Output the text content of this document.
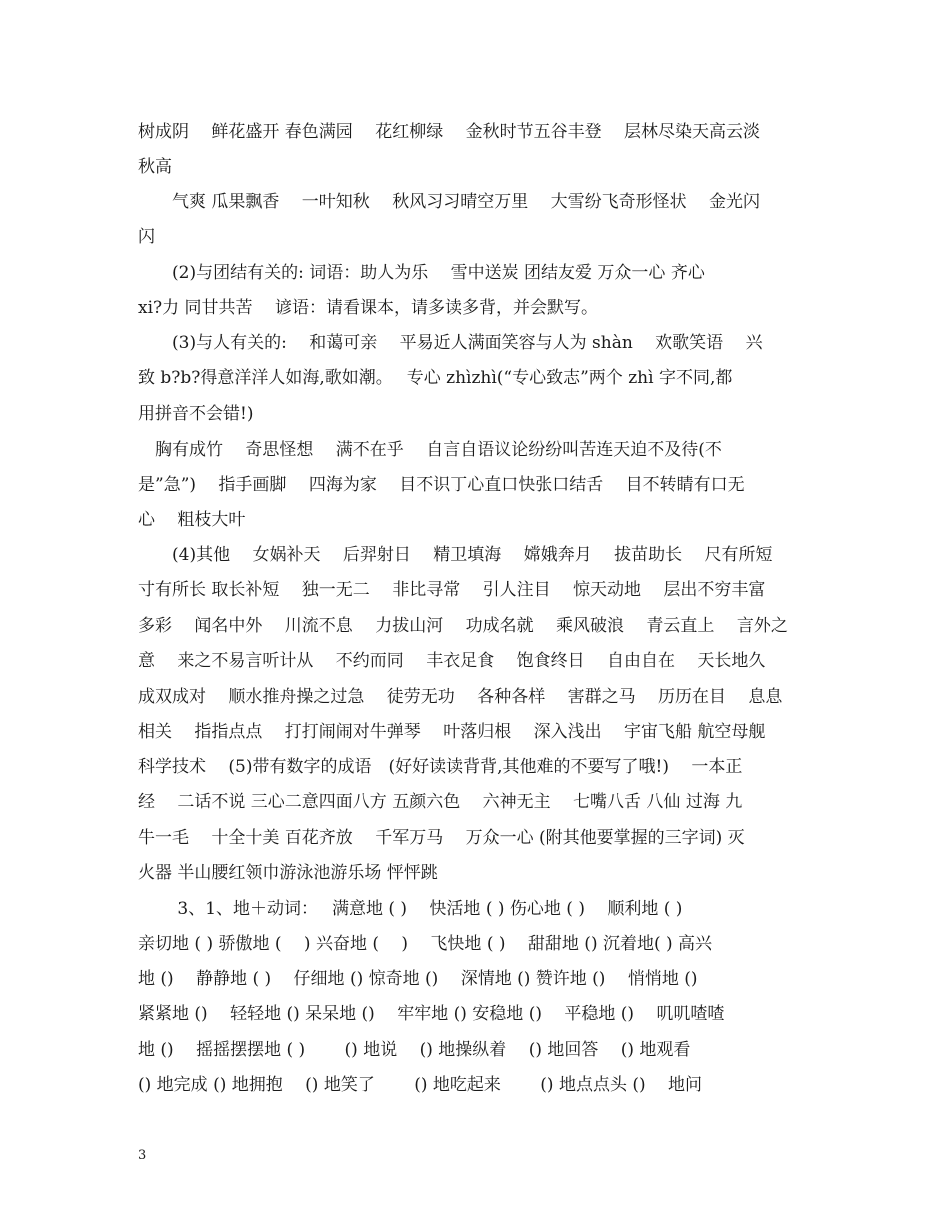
树成阴　 鲜花盛开 春色满园　 花红柳绿　 金秋时节五谷丰登　 层林尽染天高云淡
秋高
　　气爽 瓜果飘香　 一叶知秋　 秋风习习晴空万里　 大雪纷飞奇形怪状　 金光闪
闪
　　(2)与团结有关的: 词语：助人为乐　 雪中送炭 团结友爱 万众一心 齐心
xi?力 同甘共苦　 谚语：请看课本，请多读多背，并会默写。
　　(3)与人有关的:　 和蔼可亲　 平易近人满面笑容与人为 shàn　 欢歌笑语　 兴
致 b?b?得意洋洋人如海,歌如潮。　 专心 zhìzhì(“专心致志”两个 zhì 字不同,都
用拼音不会错!)
　胸有成竹　 奇思怪想　 满不在乎　 自言自语议论纷纷叫苦连天迫不及待(不
是”急”)　 指手画脚　 四海为家　 目不识丁心直口快张口结舌　 目不转睛有口无
心　 粗枝大叶
　　(4)其他　 女娲补天　 后羿射日　 精卫填海　 嫦娥奔月　 拔苗助长　 尺有所短
寸有所长 取长补短　 独一无二　 非比寻常　 引人注目　 惊天动地　 层出不穷丰富
多彩　 闻名中外　 川流不息　 力拔山河　 功成名就　 乘风破浪　 青云直上　 言外之
意　 来之不易言听计从　 不约而同　 丰衣足食　 饱食终日　 自由自在　 天长地久
成双成对　 顺水推舟操之过急　 徒劳无功　 各种各样　 害群之马　 历历在目　 息息
相关　 指指点点　 打打闹闹对牛弹琴　 叶落归根　 深入浅出　 宇宙飞船 航空母舰
科学技术　 (5)带有数字的成语　(好好读读背背,其他难的不要写了哦!)　 一本正
经　 二话不说 三心二意四面八方 五颜六色　 六神无主　 七嘴八舌 八仙 过海 九
牛一毛　 十全十美 百花齐放　 千军万马　 万众一心 (附其他要掌握的三字词) 灭
火器 半山腰红领巾游泳池游乐场 怦怦跳
　　 3、1、地＋动词：　 满意地 ( )　 快活地 ( ) 伤心地 ( )　 顺利地 ( )
亲切地 ( ) 骄傲地 (　 ) 兴奋地 (　 )　 飞快地 ( )　 甜甜地 () 沉着地( ) 高兴
地 ()　 静静地 ( )　 仔细地 () 惊奇地 ()　 深情地 () 赞许地 ()　 悄悄地 ()
紧紧地 ()　 轻轻地 () 呆呆地 ()　 牢牢地 () 安稳地 ()　 平稳地 ()　 叽叽喳喳
地 ()　 摇摇摆摆地 ( )　　 () 地说　 () 地操纵着　 () 地回答　 () 地观看
() 地完成 () 地拥抱　 () 地笑了　　 () 地吃起来　　 () 地点点头 ()　 地问
3
